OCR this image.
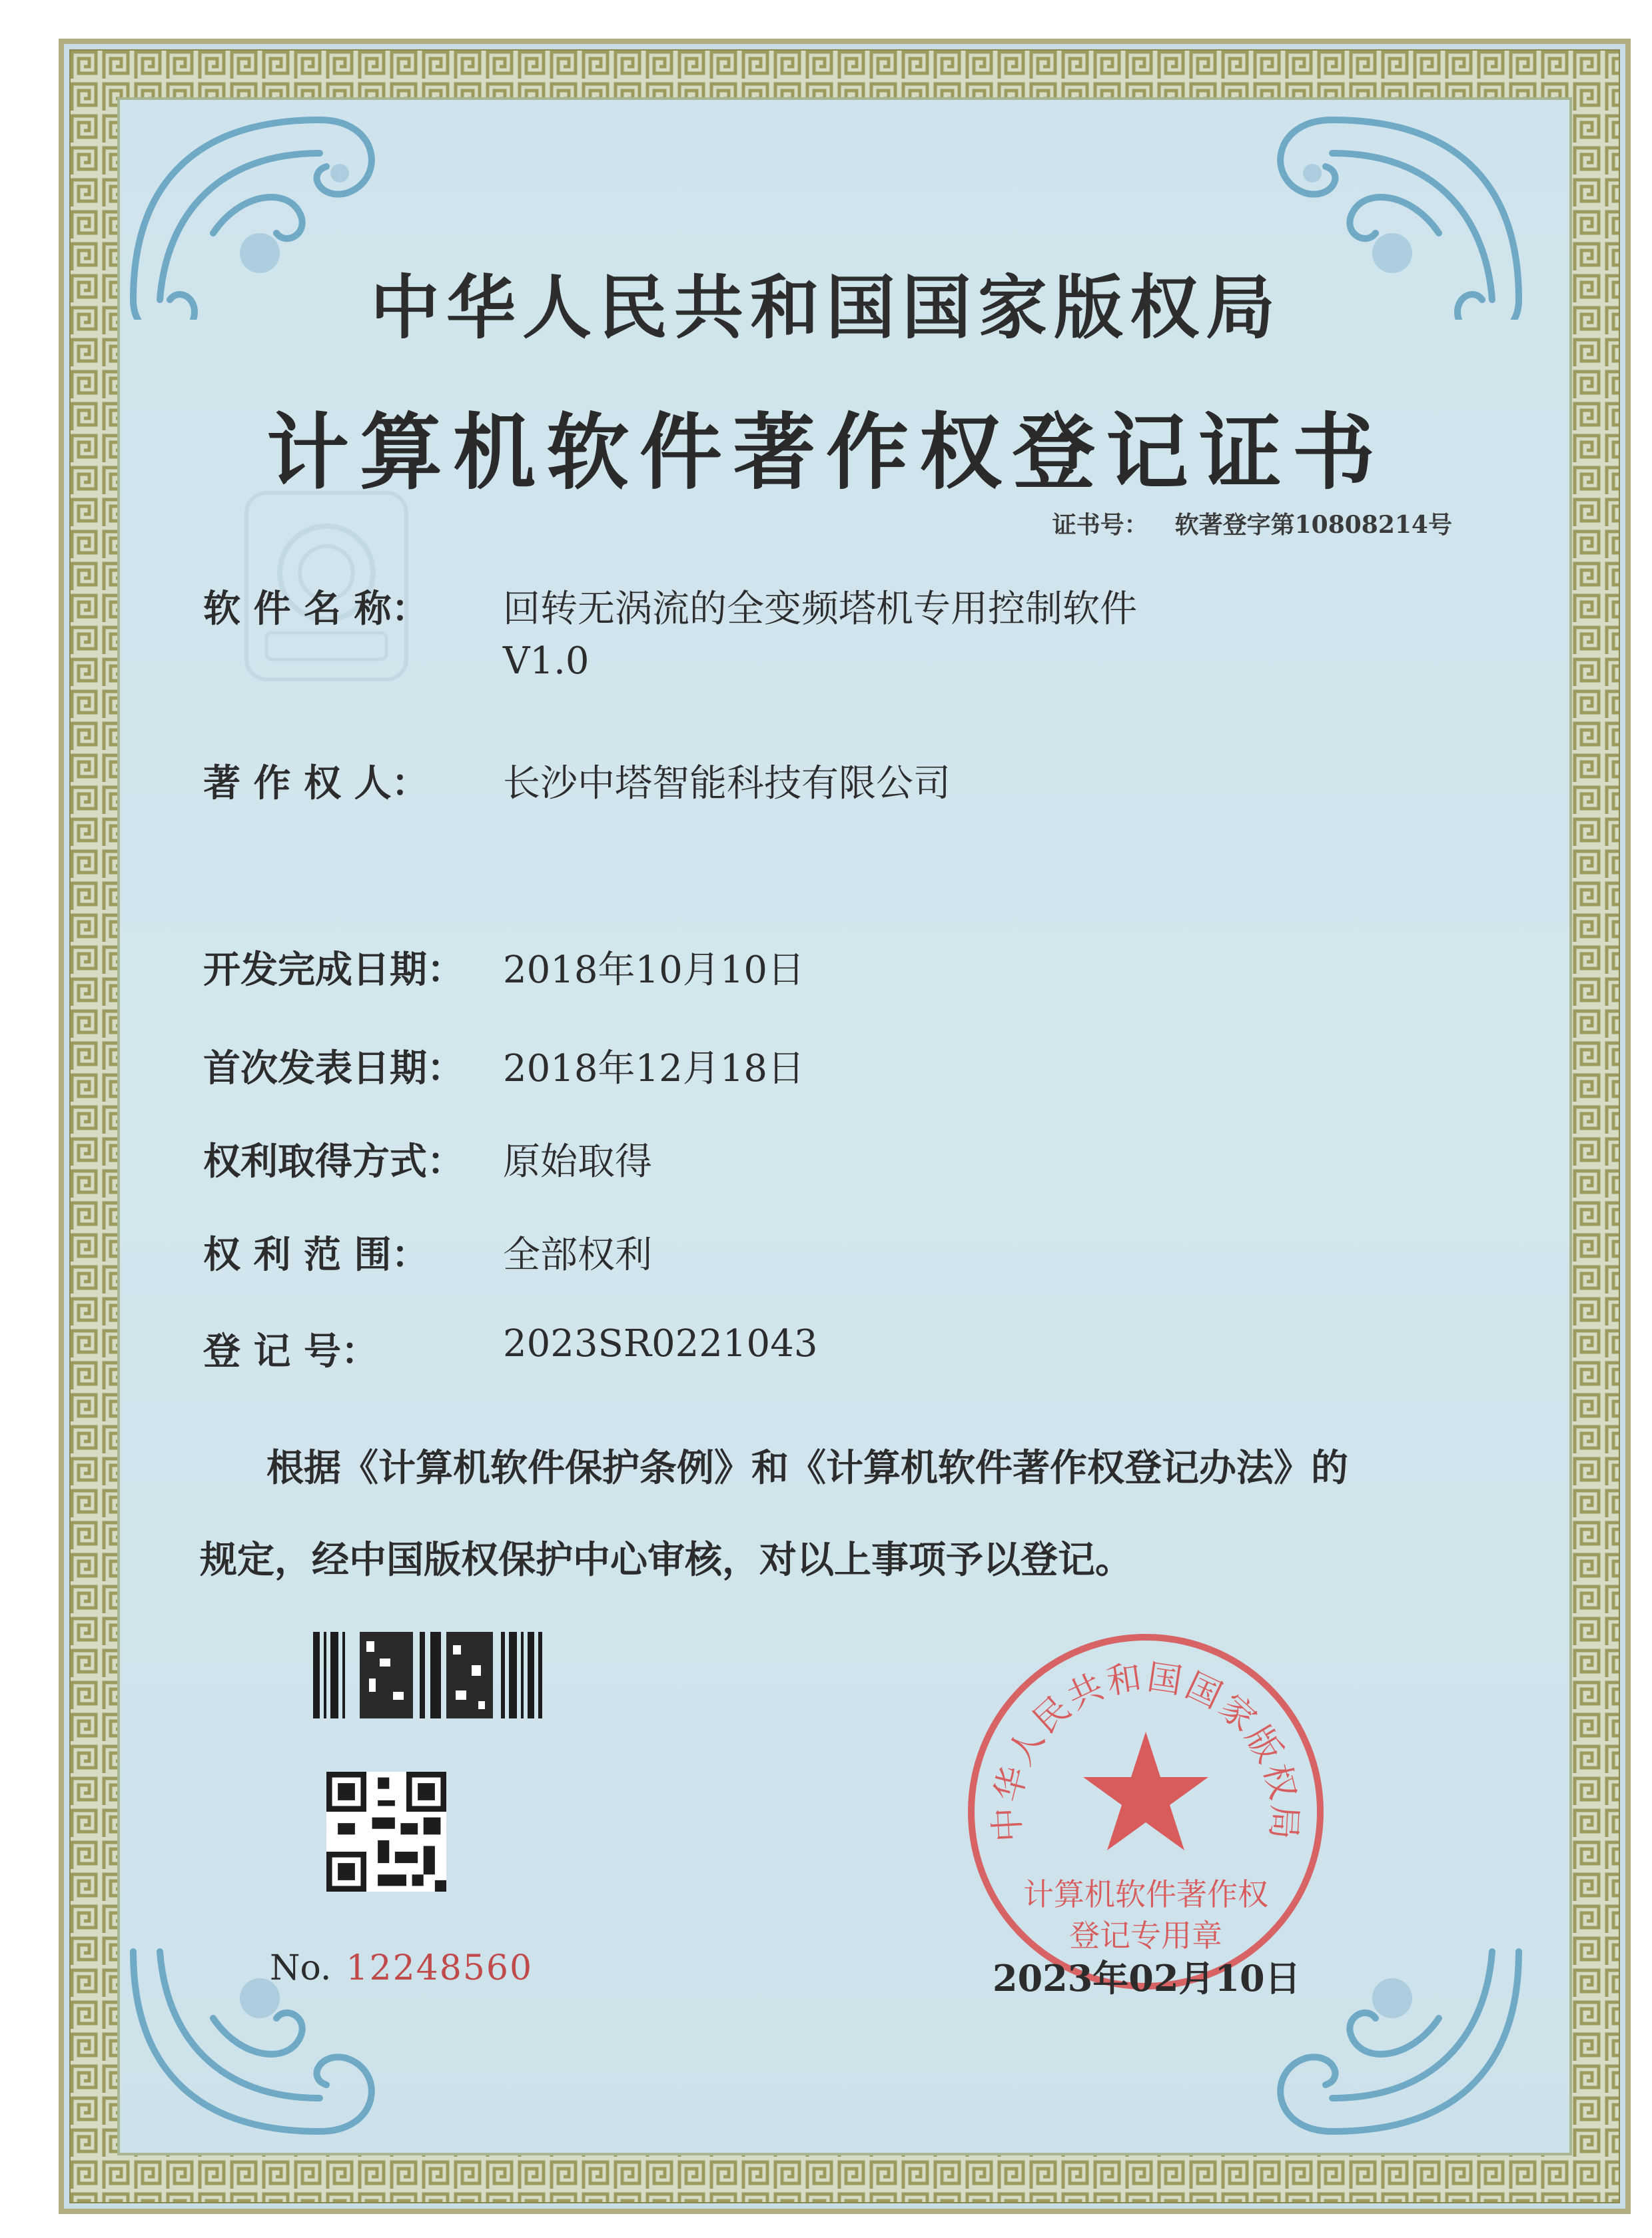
中华人民共和国国家版权局
计算机软件著作权登记证书
证书号： 软著登字第10808214号
软 件 名 称： 回转无涡流的全变频塔机专用控制软件
V1.0
著 作 权 人： 长沙中塔智能科技有限公司
开发完成日期： 2018年10月10日
首次发表日期： 2018年12月18日
权利取得方式： 原始取得
权 利 范 围： 全部权利
登 记 号：	2023SR0221043
根据《计算机软件保护条例》和《计算机软件著作权登记办法》的
规定，经中国版权保护中心审核，对以上事项予以登记。
No. 12248560
中华人民共和国国家版权局
计算机软件著作权
登记专用章
2023年02月10日
